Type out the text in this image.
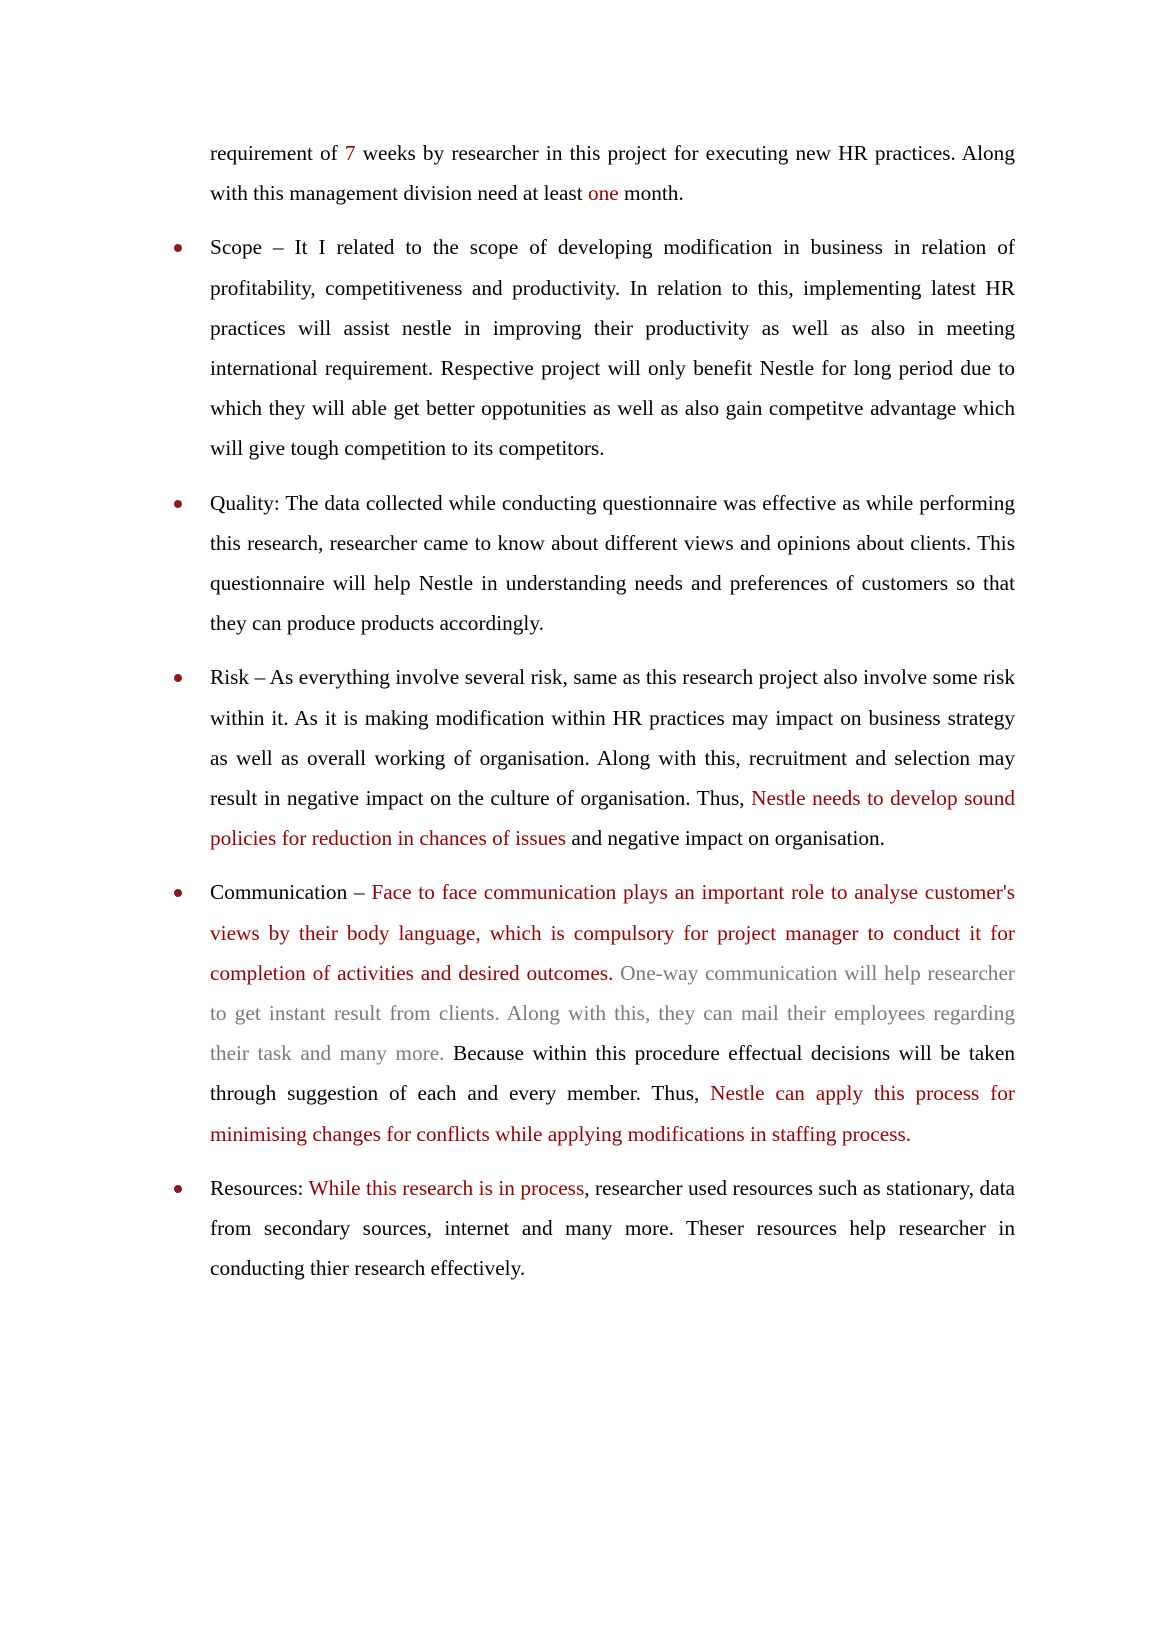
requirement of 7 weeks by researcher in this project for executing new HR practices. Along with this management division need at least one month.

Scope – It I related to the scope of developing modification in business in relation of profitability, competitiveness and productivity. In relation to this, implementing latest HR practices will assist nestle in improving their productivity as well as also in meeting international requirement. Respective project will only benefit Nestle for long period due to which they will able get better oppotunities as well as also gain competitve advantage which will give tough competition to its competitors.

Quality: The data collected while conducting questionnaire was effective as while performing this research, researcher came to know about different views and opinions about clients. This questionnaire will help Nestle in understanding needs and preferences of customers so that they can produce products accordingly.

Risk – As everything involve several risk, same as this research project also involve some risk within it. As it is making modification within HR practices may impact on business strategy as well as overall working of organisation. Along with this, recruitment and selection may result in negative impact on the culture of organisation. Thus, Nestle needs to develop sound policies for reduction in chances of issues and negative impact on organisation.

Communication – Face to face communication plays an important role to analyse customer's views by their body language, which is compulsory for project manager to conduct it for completion of activities and desired outcomes. One-way communication will help researcher to get instant result from clients. Along with this, they can mail their employees regarding their task and many more. Because within this procedure effectual decisions will be taken through suggestion of each and every member. Thus, Nestle can apply this process for minimising changes for conflicts while applying modifications in staffing process.

Resources: While this research is in process, researcher used resources such as stationary, data from secondary sources, internet and many more. Theser resources help researcher in conducting thier research effectively.
